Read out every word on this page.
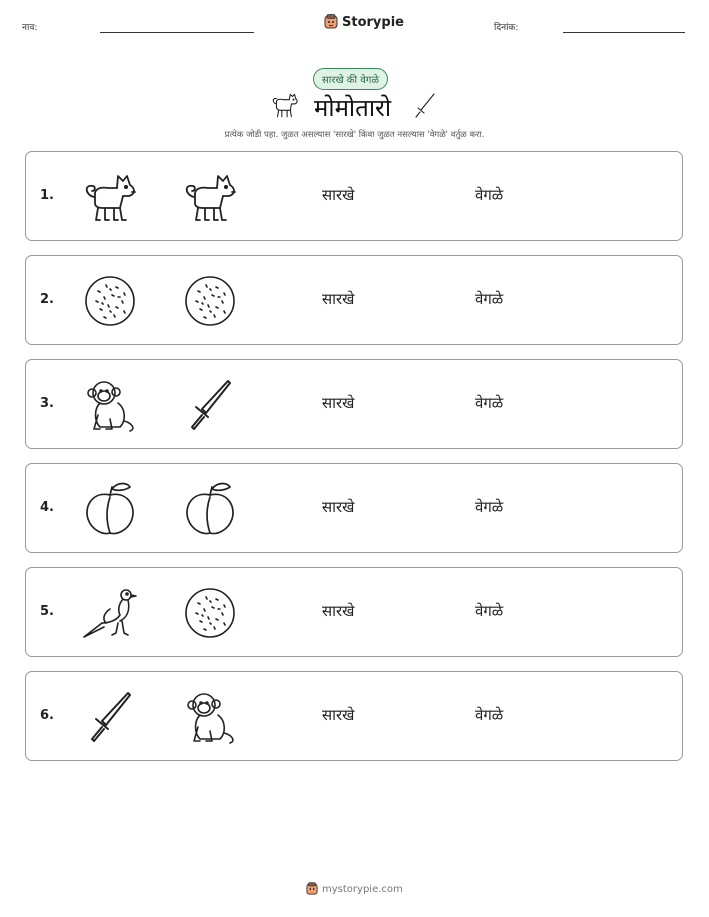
नाव:	Storypie	दिनांक:
सारखे की वेगळे
मोमोतारो
प्रत्येक जोडी पहा. जुळत असल्यास 'सारखे' किंवा जुळत नसल्यास 'वेगळे' वर्तुळ करा.
1.	सारखे	वेगळे
2.	सारखे	वेगळे
3.	सारखे	वेगळे
4.	सारखे	वेगळे
5.	सारखे	वेगळे
6.	सारखे	वेगळे
mystorypie.com
